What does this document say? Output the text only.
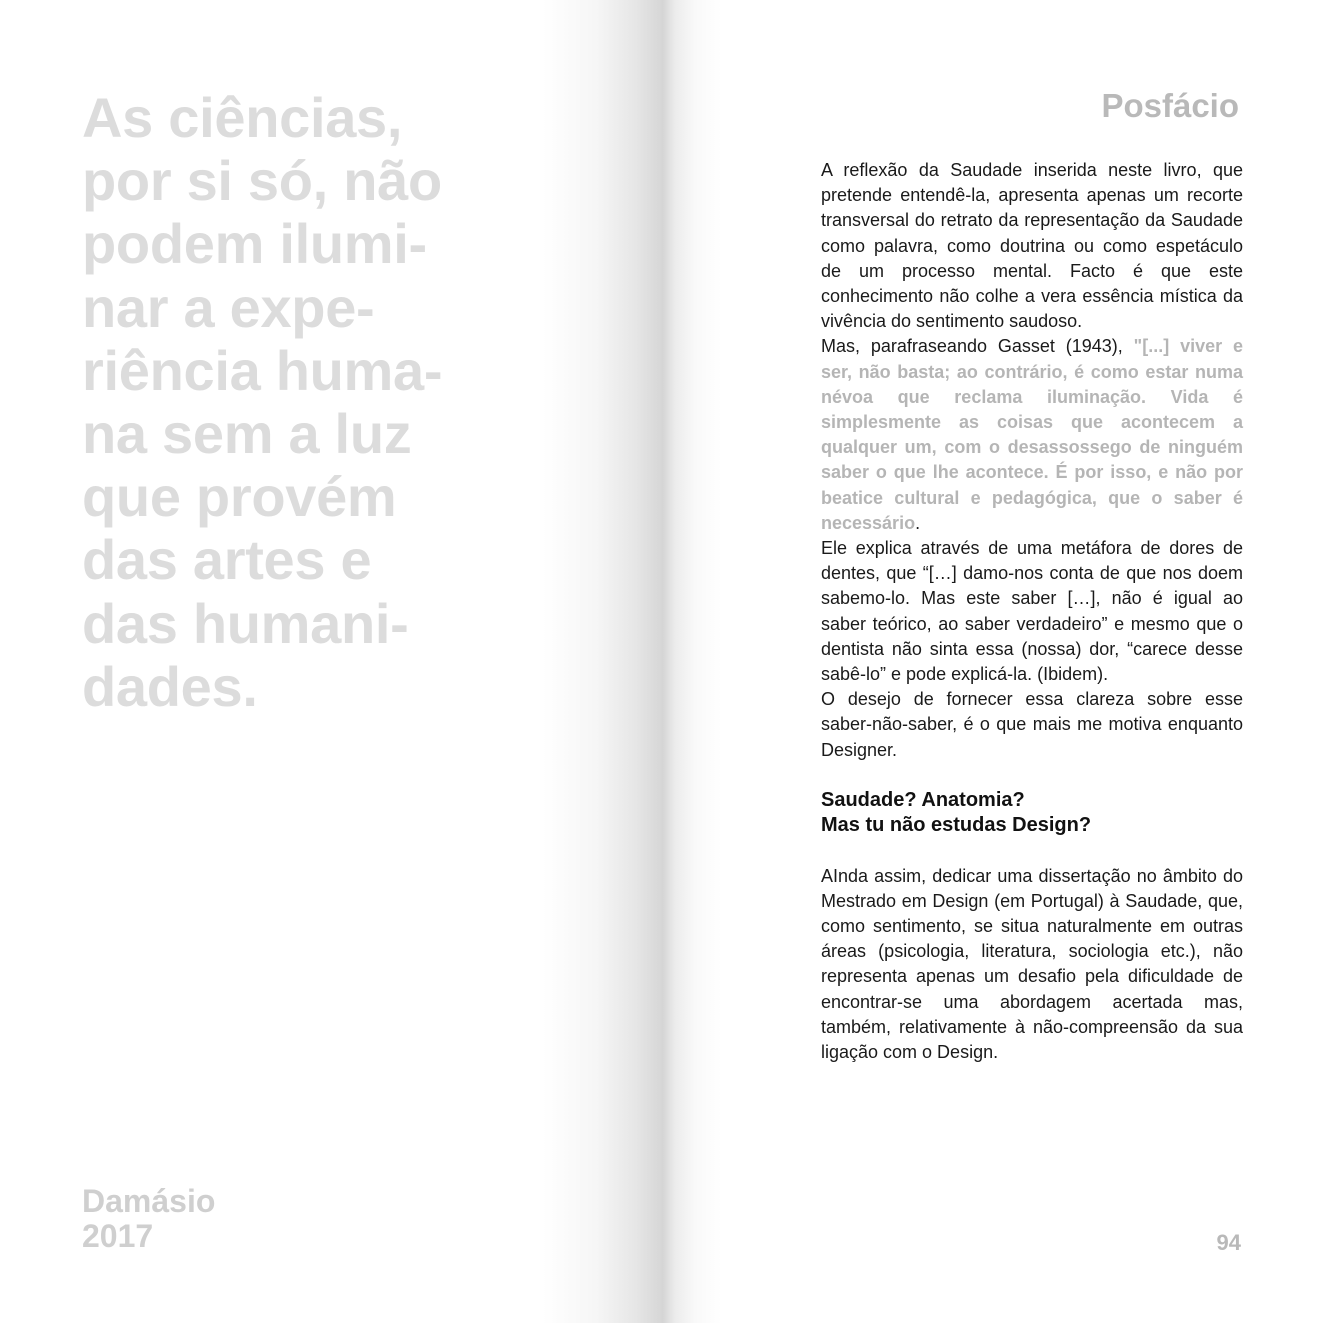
As ciências,
por si só, não
podem ilumi-
nar a expe-
riência huma-
na sem a luz
que provém
das artes e
das humani-
dades.
Damásio
2017
Posfácio

A reflexão da Saudade inserida neste livro, que pretende entendê-la, apresenta apenas um recorte transversal do retrato da representação da Saudade como palavra, como doutrina ou como espetáculo de um processo mental. Facto é que este conhecimento não colhe a vera essência mística da vivência do sentimento saudoso.

Mas, parafraseando Gasset (1943), "[...] viver e ser, não basta; ao contrário, é como estar numa névoa que reclama iluminação. Vida é simplesmente as coisas que acontecem a qualquer um, com o desassossego de ninguém saber o que lhe acontece. É por isso, e não por beatice cultural e pedagógica, que o saber é necessário.

Ele explica através de uma metáfora de dores de dentes, que “[…] damo-nos conta de que nos doem sabemo-lo. Mas este saber […], não é igual ao saber teórico, ao saber verdadeiro” e mesmo que o dentista não sinta essa (nossa) dor, “carece desse sabê-lo” e pode explicá-la. (Ibidem).

O desejo de fornecer essa clareza sobre esse saber-não-saber, é o que mais me motiva enquanto Designer.

Saudade? Anatomia?
Mas tu não estudas Design?

AInda assim, dedicar uma dissertação no âmbito do Mestrado em Design (em Portugal) à Saudade, que, como sentimento, se situa naturalmente em outras áreas (psicologia, literatura, sociologia etc.), não representa apenas um desafio pela dificuldade de encontrar-se uma abordagem acertada mas, também, relativamente à não-compreensão da sua ligação com o Design.

94
